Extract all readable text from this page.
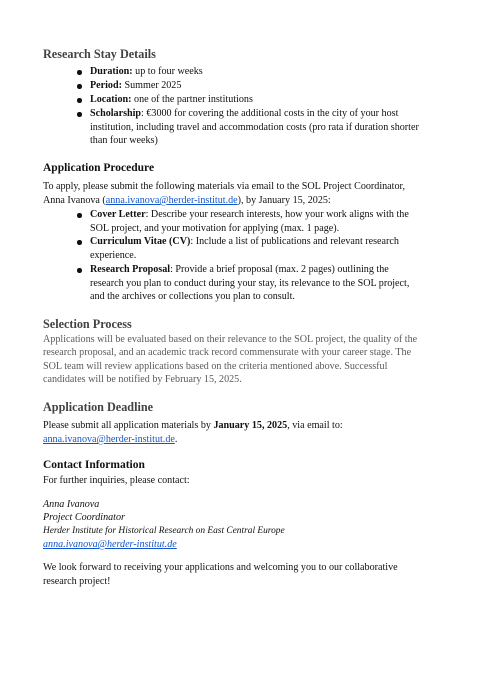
Research Stay Details
Duration: up to four weeks
Period: Summer 2025
Location: one of the partner institutions
Scholarship: €3000 for covering the additional costs in the city of your host
institution, including travel and accommodation costs (pro rata if duration shorter
than four weeks)
Application Procedure
To apply, please submit the following materials via email to the SOL Project Coordinator,
Anna Ivanova (anna.ivanova@herder-institut.de), by January 15, 2025:
Cover Letter: Describe your research interests, how your work aligns with the
SOL project, and your motivation for applying (max. 1 page).
Curriculum Vitae (CV): Include a list of publications and relevant research
experience.
Research Proposal: Provide a brief proposal (max. 2 pages) outlining the
research you plan to conduct during your stay, its relevance to the SOL project,
and the archives or collections you plan to consult.
Selection Process
Applications will be evaluated based on their relevance to the SOL project, the quality of the
research proposal, and an academic track record commensurate with your career stage. The
SOL team will review applications based on the criteria mentioned above. Successful
candidates will be notified by February 15, 2025.
Application Deadline
Please submit all application materials by January 15, 2025, via email to:
anna.ivanova@herder-institut.de.
Contact Information
For further inquiries, please contact:
Anna Ivanova
Project Coordinator
Herder Institute for Historical Research on East Central Europe
anna.ivanova@herder-institut.de
We look forward to receiving your applications and welcoming you to our collaborative
research project!
